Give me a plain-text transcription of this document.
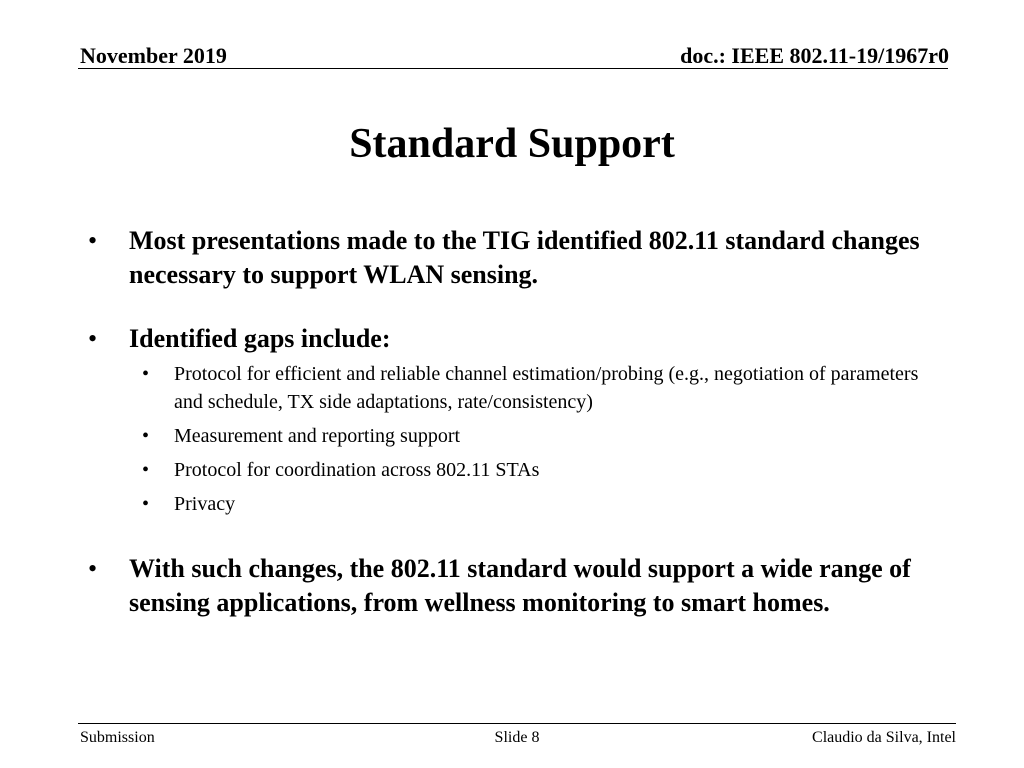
November 2019	doc.: IEEE 802.11-19/1967r0
Standard Support
• Most presentations made to the TIG identified 802.11 standard changes necessary to support WLAN sensing.
• Identified gaps include:
• Protocol for efficient and reliable channel estimation/probing (e.g., negotiation of parameters and schedule, TX side adaptations, rate/consistency)
• Measurement and reporting support
• Protocol for coordination across 802.11 STAs
• Privacy
• With such changes, the 802.11 standard would support a wide range of sensing applications, from wellness monitoring to smart homes.
Submission	Slide 8	Claudio da Silva, Intel
